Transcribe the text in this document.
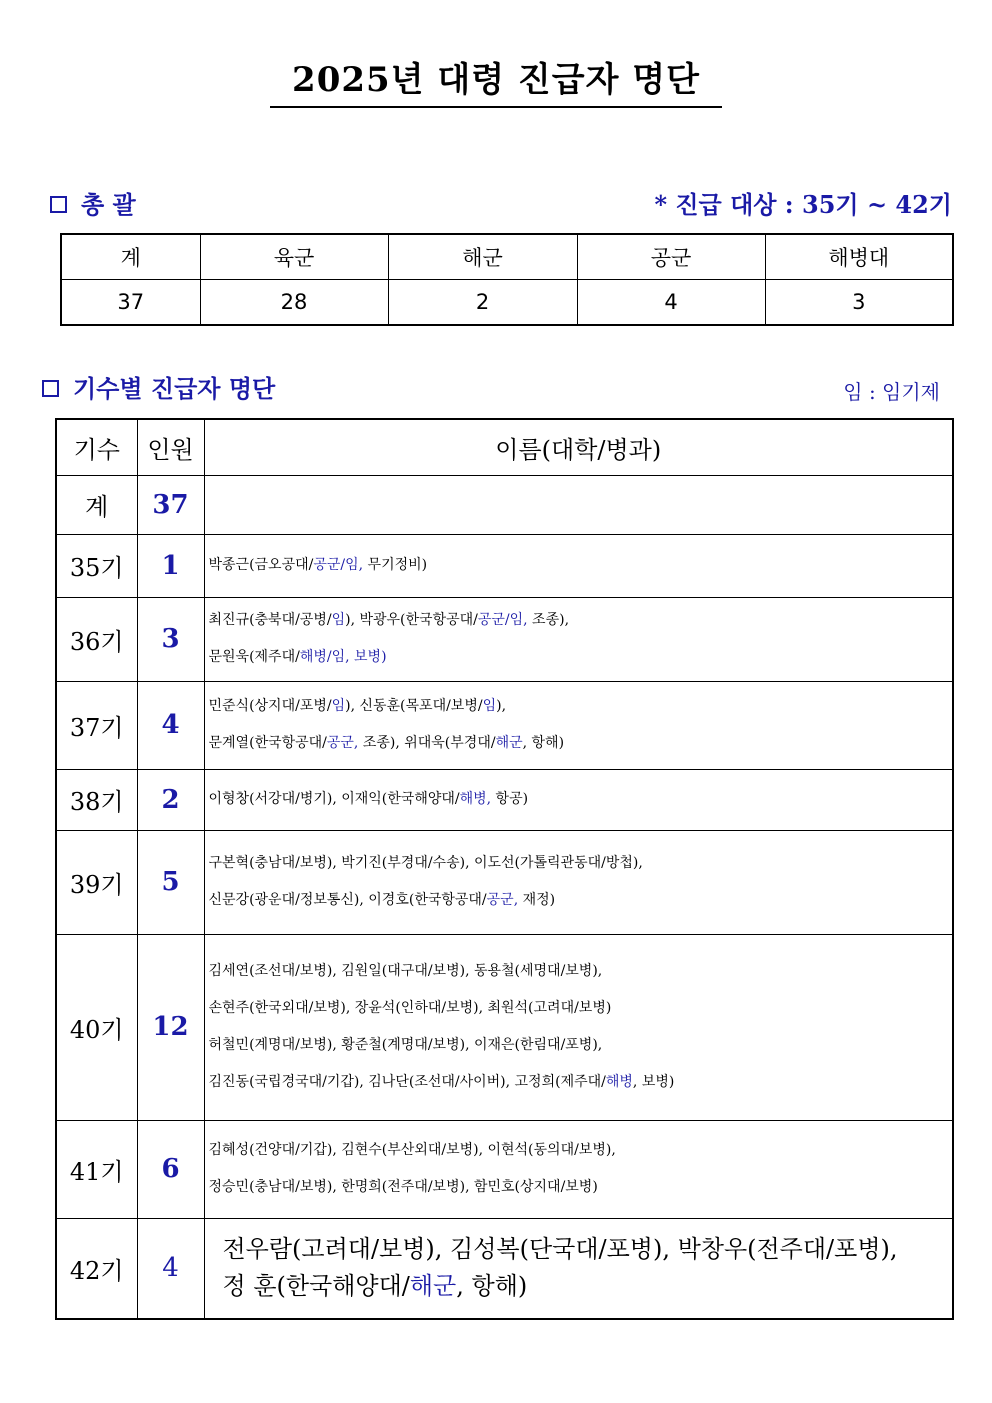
2025년 대령 진급자 명단
총 괄	* 진급 대상 : 35기 ~ 42기
계	육군	해군	공군	해병대
37	28	2	4	3
기수별 진급자 명단	임 : 임기제
기수	인원	이름(대학/병과)
계	37	
35기	1	박종근(금오공대/공군/임, 무기정비)

36기	3	최진규(충북대/공병/임), 박광우(한국항공대/공군/임, 조종),
문원욱(제주대/해병/임, 보병)

37기	4	민준식(상지대/포병/임), 신동훈(목포대/보병/임),
문계열(한국항공대/공군, 조종), 위대욱(부경대/해군, 항해)

38기	2	이형창(서강대/병기), 이재익(한국해양대/해병, 항공)

39기	5	구본혁(충남대/보병), 박기진(부경대/수송), 이도선(가톨릭관동대/방첩),
신문강(광운대/정보통신), 이경호(한국항공대/공군, 재정)

40기	12	김세연(조선대/보병), 김원일(대구대/보병), 동용철(세명대/보병),
손현주(한국외대/보병), 장윤석(인하대/보병), 최원석(고려대/보병)
허철민(계명대/보병), 황준철(계명대/보병), 이재은(한림대/포병),
김진동(국립경국대/기갑), 김나단(조선대/사이버), 고정희(제주대/해병, 보병)

41기	6	김혜성(건양대/기갑), 김현수(부산외대/보병), 이현석(동의대/보병),
정승민(충남대/보병), 한명희(전주대/보병), 함민호(상지대/보병)

42기	4	전우람(고려대/보병), 김성복(단국대/포병), 박창우(전주대/포병),
정 훈(한국해양대/해군, 항해)
